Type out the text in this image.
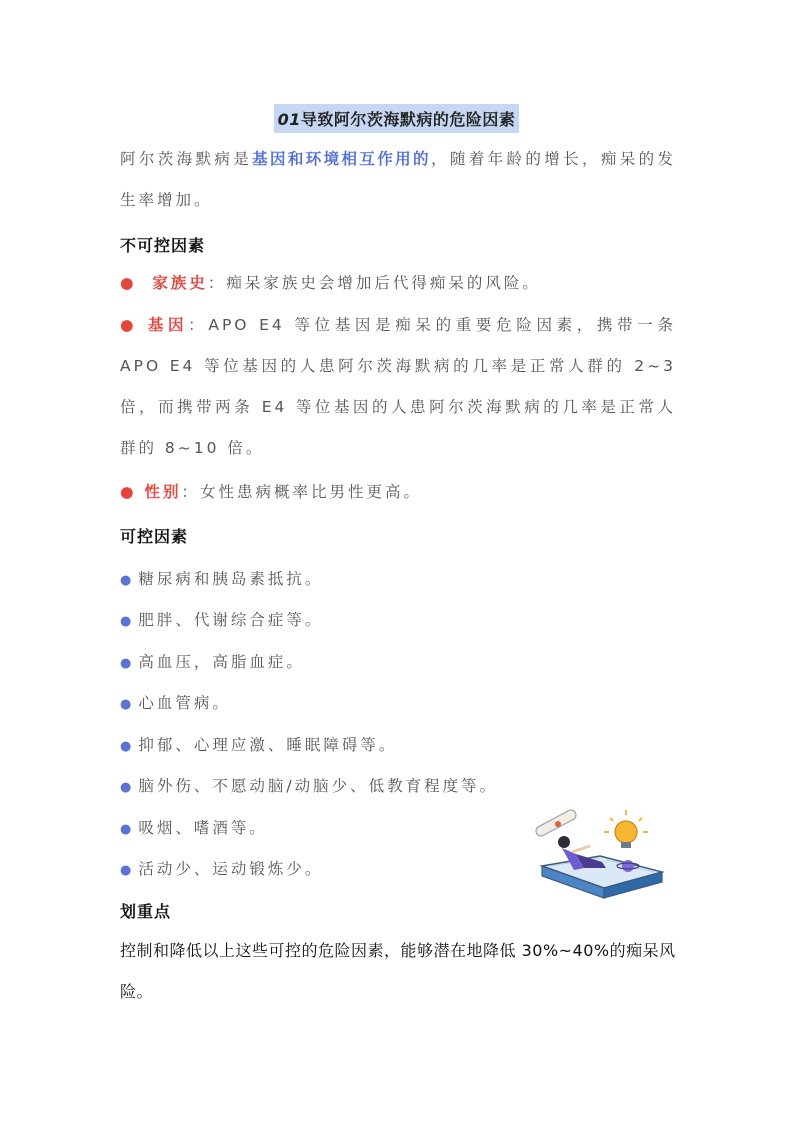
01导致阿尔茨海默病的危险因素
阿尔茨海默病是基因和环境相互作用的，随着年龄的增长，痴呆的发生率增加。
不可控因素
● 家族史：痴呆家族史会增加后代得痴呆的风险。
● 基因：APO E4 等位基因是痴呆的重要危险因素，携带一条 APO E4 等位基因的人患阿尔茨海默病的几率是正常人群的 2~3 倍，而携带两条 E4 等位基因的人患阿尔茨海默病的几率是正常人群的 8~10 倍。
● 性别：女性患病概率比男性更高。
可控因素
● 糖尿病和胰岛素抵抗。
● 肥胖、代谢综合症等。
● 高血压，高脂血症。
● 心血管病。
● 抑郁、心理应激、睡眠障碍等。
● 脑外伤、不愿动脑/动脑少、低教育程度等。
● 吸烟、嗜酒等。
● 活动少、运动锻炼少。
划重点
控制和降低以上这些可控的危险因素，能够潜在地降低 30%~40%的痴呆风险。
